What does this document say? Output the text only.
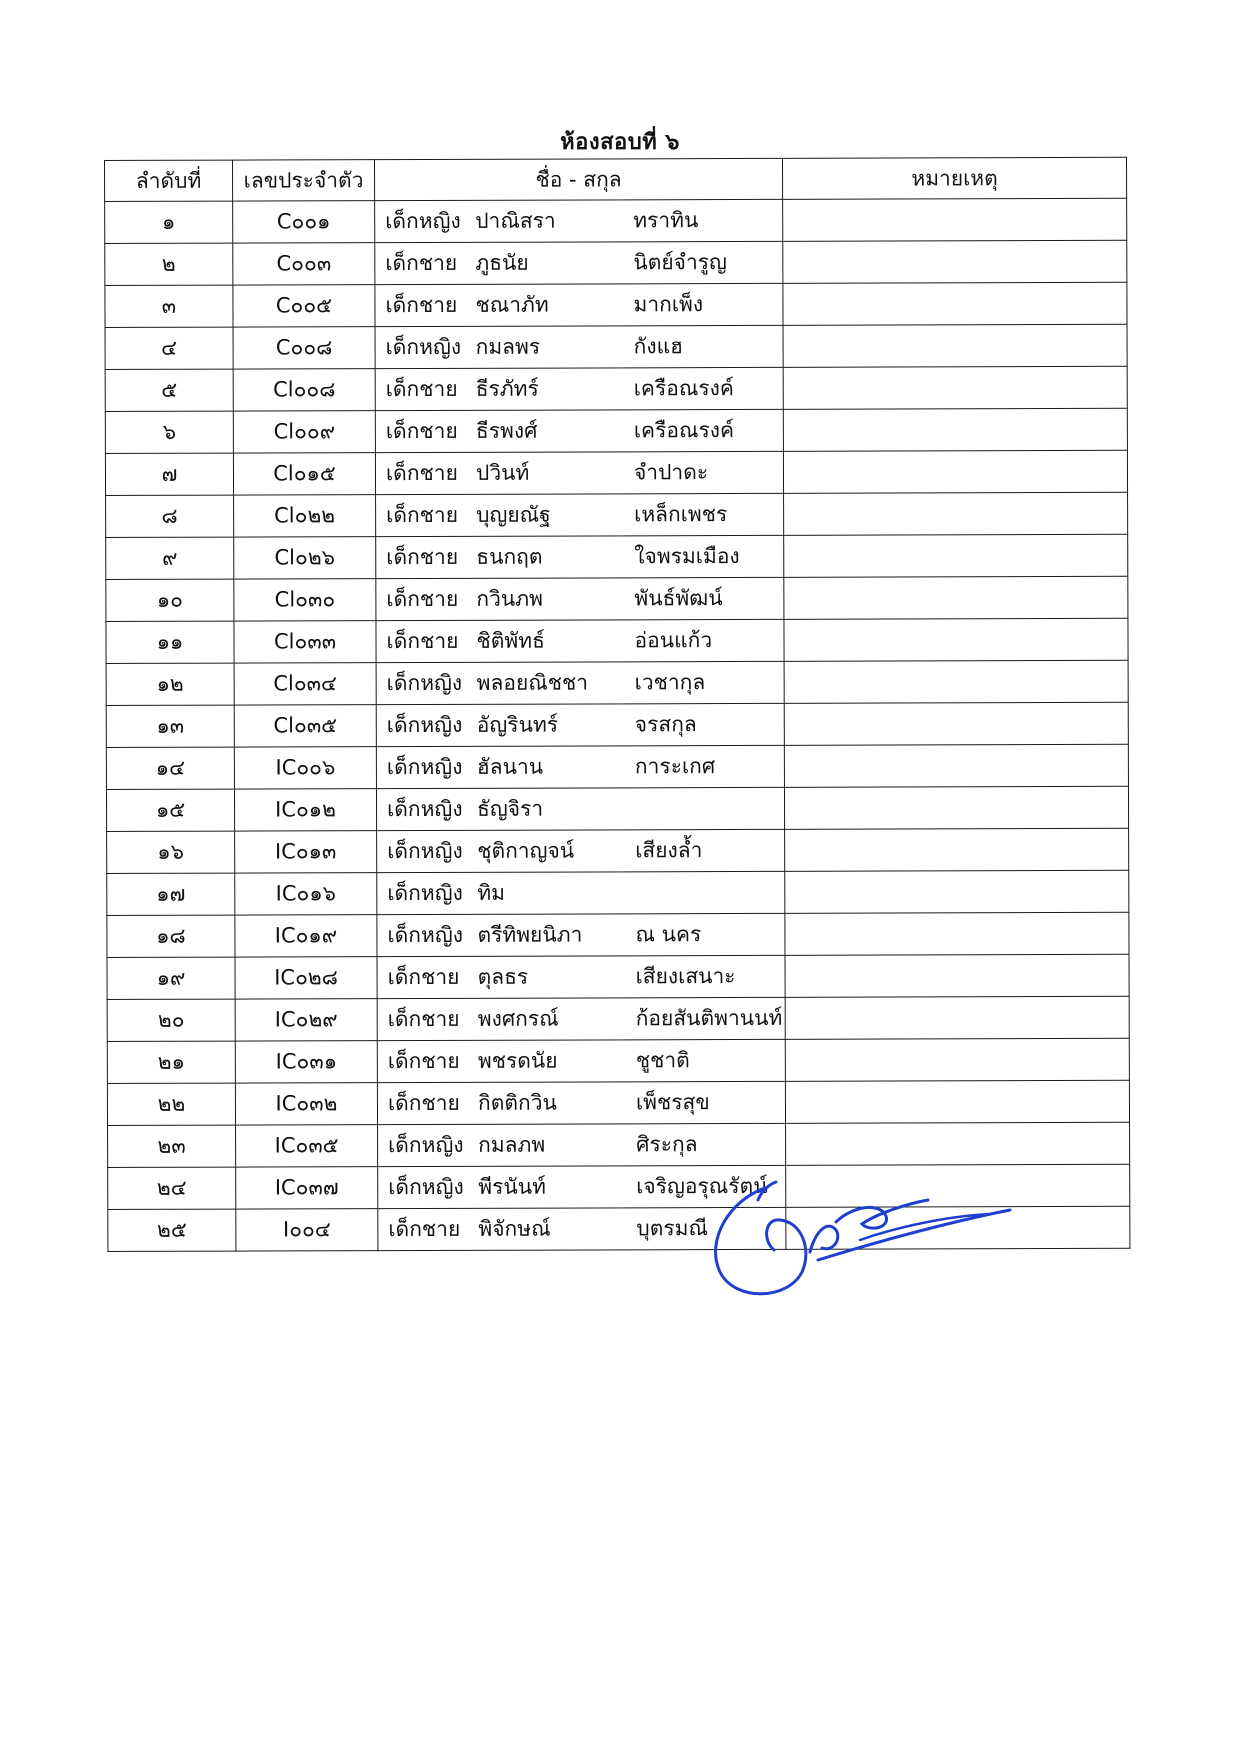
ห้องสอบที่ ๖
ลำดับที่	เลขประจำตัว	ชื่อ - สกุล	หมายเหตุ
๑	C๐๐๑	เด็กหญิง ปาณิสรา ทราทิน	
๒	C๐๐๓	เด็กชาย ภูธนัย นิตย์จำรูญ	
๓	C๐๐๕	เด็กชาย ชณาภัท มากเพ็ง	
๔	C๐๐๘	เด็กหญิง กมลพร กังแฮ	
๕	Cl๐๐๘	เด็กชาย ธีรภัทร์ เครือณรงค์	
๖	Cl๐๐๙	เด็กชาย ธีรพงศ์ เครือณรงค์	
๗	Cl๐๑๕	เด็กชาย ปวินท์ จำปาดะ	
๘	Cl๐๒๒	เด็กชาย บุญยณัฐ เหล็กเพชร	
๙	Cl๐๒๖	เด็กชาย ธนกฤต ใจพรมเมือง	
๑๐	Cl๐๓๐	เด็กชาย กวินภพ พันธ์พัฒน์	
๑๑	Cl๐๓๓	เด็กชาย ชิติพัทธ์ อ่อนแก้ว	
๑๒	Cl๐๓๔	เด็กหญิง พลอยณิชชา เวชากุล	
๑๓	Cl๐๓๕	เด็กหญิง อัญรินทร์ จรสกุล	
๑๔	IC๐๐๖	เด็กหญิง ฮัลนาน การะเกศ	
๑๕	IC๐๑๒	เด็กหญิง ธัญจิรา	
๑๖	IC๐๑๓	เด็กหญิง ชุติกาญจน์ เสียงล้ำ	
๑๗	IC๐๑๖	เด็กหญิง ทิม	
๑๘	IC๐๑๙	เด็กหญิง ตรีทิพยนิภา ณ นคร	
๑๙	IC๐๒๘	เด็กชาย ตุลธร เสียงเสนาะ	
๒๐	IC๐๒๙	เด็กชาย พงศกรณ์ ก้อยสันติพานนท์	
๒๑	IC๐๓๑	เด็กชาย พชรดนัย ชูชาติ	
๒๒	IC๐๓๒	เด็กชาย กิตติกวิน เพ็ชรสุข	
๒๓	IC๐๓๕	เด็กหญิง กมลภพ ศิระกุล	
๒๔	IC๐๓๗	เด็กหญิง พีรนันท์ เจริญอรุณรัตน์	
๒๕	I๐๐๔	เด็กชาย พิจักษณ์ บุตรมณี	
